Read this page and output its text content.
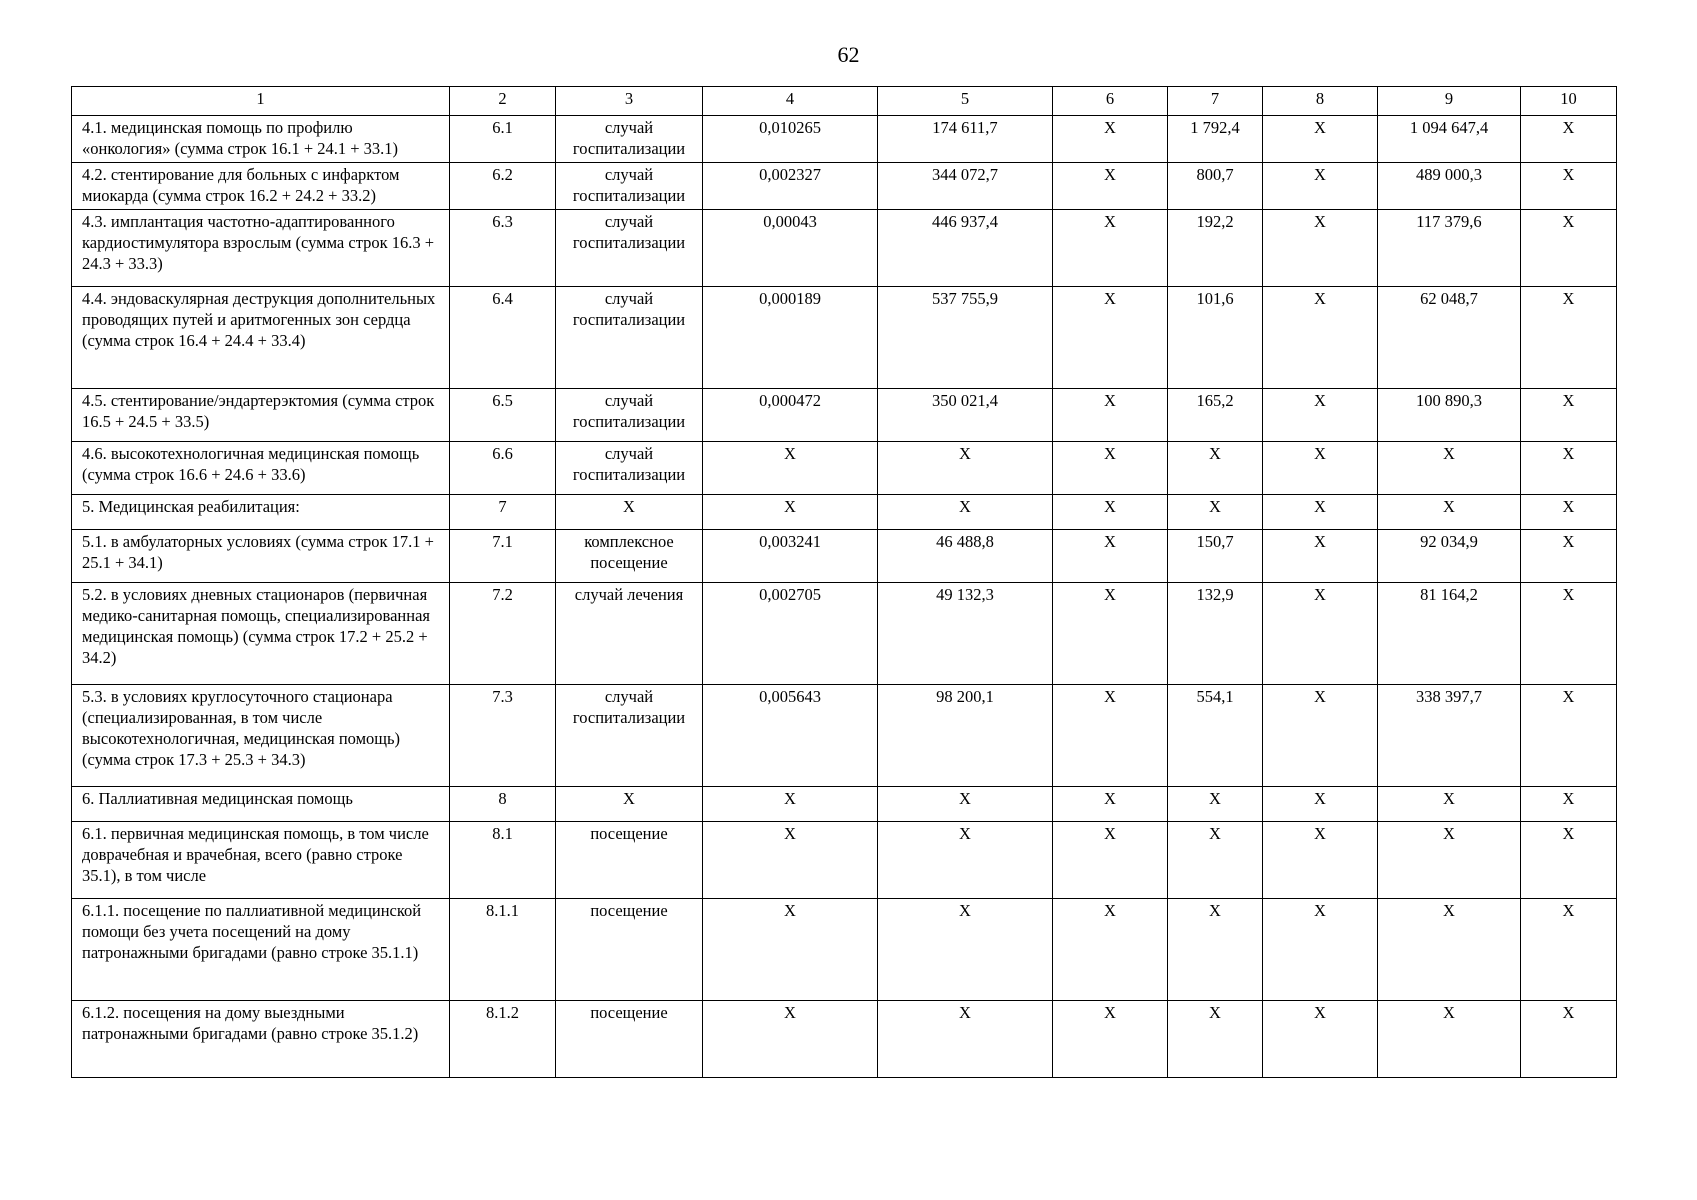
62
1	2	3	4	5	6	7	8	9	10
4.1. медицинская помощь по профилю «онкология» (сумма строк 16.1 + 24.1 + 33.1)	6.1	случай госпитализации	0,010265	174 611,7	Х	1 792,4	Х	1 094 647,4	Х
4.2. стентирование для больных с инфарктом миокарда (сумма строк 16.2 + 24.2 + 33.2)	6.2	случай госпитализации	0,002327	344 072,7	Х	800,7	Х	489 000,3	Х
4.3. имплантация частотно-адаптированного кардиостимулятора взрослым (сумма строк 16.3 + 24.3 + 33.3)	6.3	случай госпитализации	0,00043	446 937,4	Х	192,2	Х	117 379,6	Х
4.4. эндоваскулярная деструкция дополнительных проводящих путей и аритмогенных зон сердца (сумма строк 16.4 + 24.4 + 33.4)	6.4	случай госпитализации	0,000189	537 755,9	Х	101,6	Х	62 048,7	Х
4.5. стентирование/эндартерэктомия (сумма строк 16.5 + 24.5 + 33.5)	6.5	случай госпитализации	0,000472	350 021,4	Х	165,2	Х	100 890,3	Х
4.6. высокотехнологичная медицинская помощь (сумма строк 16.6 + 24.6 + 33.6)	6.6	случай госпитализации	Х	Х	Х	Х	Х	Х	Х
5. Медицинская реабилитация:	7	Х	Х	Х	Х	Х	Х	Х	Х
5.1. в амбулаторных условиях (сумма строк 17.1 + 25.1 + 34.1)	7.1	комплексное посещение	0,003241	46 488,8	Х	150,7	Х	92 034,9	Х
5.2. в условиях дневных стационаров (первичная медико-санитарная помощь, специализированная медицинская помощь) (сумма строк 17.2 + 25.2 + 34.2)	7.2	случай лечения	0,002705	49 132,3	Х	132,9	Х	81 164,2	Х
5.3. в условиях круглосуточного стационара (специализированная, в том числе высокотехнологичная, медицинская помощь) (сумма строк 17.3 + 25.3 + 34.3)	7.3	случай госпитализации	0,005643	98 200,1	Х	554,1	Х	338 397,7	Х
6. Паллиативная медицинская помощь	8	Х	Х	Х	Х	Х	Х	Х	Х
6.1. первичная медицинская помощь, в том числе доврачебная и врачебная, всего (равно строке 35.1), в том числе	8.1	посещение	Х	Х	Х	Х	Х	Х	Х
6.1.1. посещение по паллиативной медицинской помощи без учета посещений на дому патронажными бригадами (равно строке 35.1.1)	8.1.1	посещение	Х	Х	Х	Х	Х	Х	Х
6.1.2. посещения на дому выездными патронажными бригадами (равно строке 35.1.2)	8.1.2	посещение	Х	Х	Х	Х	Х	Х	Х
